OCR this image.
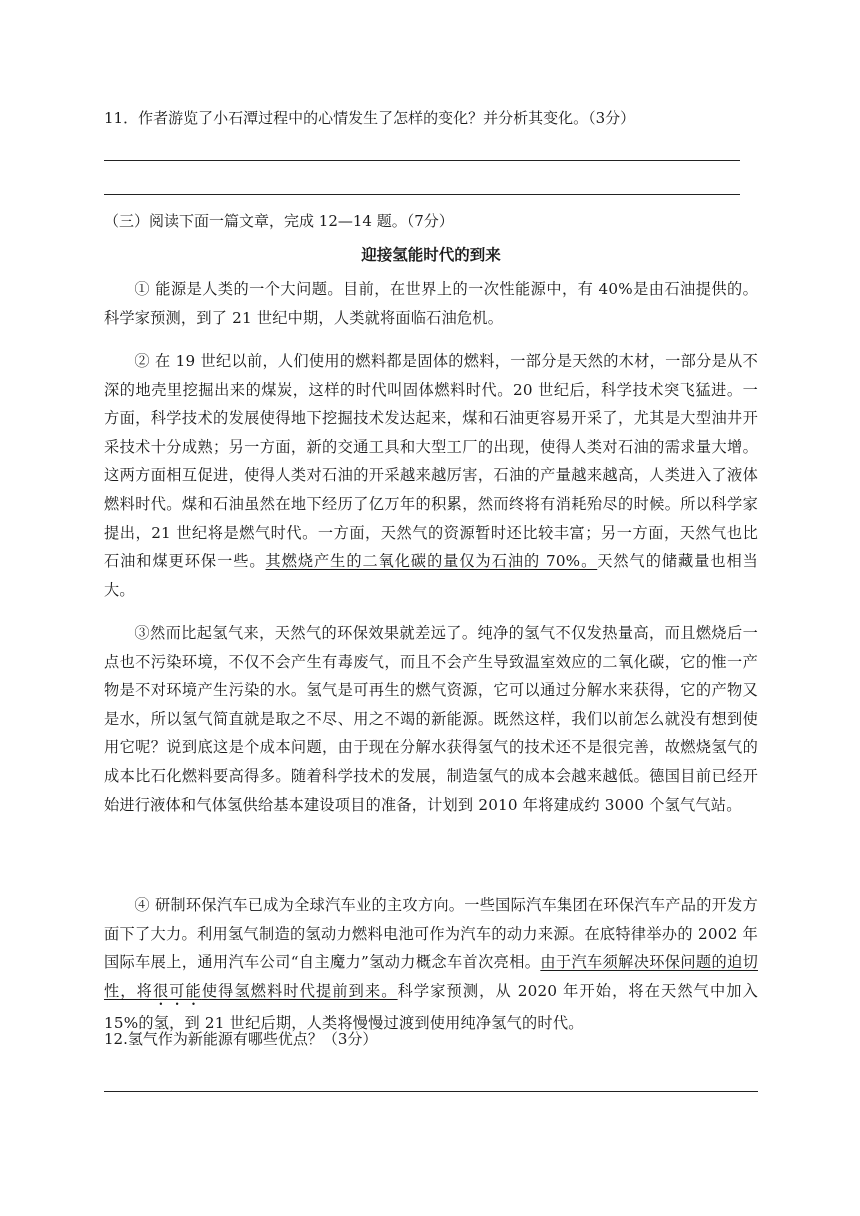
11．作者游览了小石潭过程中的心情发生了怎样的变化？并分析其变化。（3分）
（三）阅读下面一篇文章，完成 12—14 题。（7分）
迎接氢能时代的到来
① 能源是人类的一个大问题。目前，在世界上的一次性能源中，有 40%是由石油提供的。科学家预测，到了 21 世纪中期，人类就将面临石油危机。
② 在 19 世纪以前，人们使用的燃料都是固体的燃料，一部分是天然的木材，一部分是从不深的地壳里挖掘出来的煤炭，这样的时代叫固体燃料时代。20 世纪后，科学技术突飞猛进。一方面，科学技术的发展使得地下挖掘技术发达起来，煤和石油更容易开采了，尤其是大型油井开采技术十分成熟；另一方面，新的交通工具和大型工厂的出现，使得人类对石油的需求量大增。这两方面相互促进，使得人类对石油的开采越来越厉害，石油的产量越来越高，人类进入了液体燃料时代。煤和石油虽然在地下经历了亿万年的积累，然而终将有消耗殆尽的时候。所以科学家提出，21 世纪将是燃气时代。一方面，天然气的资源暂时还比较丰富；另一方面，天然气也比石油和煤更环保一些。其燃烧产生的二氧化碳的量仅为石油的 70%。天然气的储藏量也相当大。
③然而比起氢气来，天然气的环保效果就差远了。纯净的氢气不仅发热量高，而且燃烧后一点也不污染环境，不仅不会产生有毒废气，而且不会产生导致温室效应的二氧化碳，它的惟一产物是不对环境产生污染的水。氢气是可再生的燃气资源，它可以通过分解水来获得，它的产物又是水，所以氢气简直就是取之不尽、用之不竭的新能源。既然这样，我们以前怎么就没有想到使用它呢？说到底这是个成本问题，由于现在分解水获得氢气的技术还不是很完善，故燃烧氢气的成本比石化燃料要高得多。随着科学技术的发展，制造氢气的成本会越来越低。德国目前已经开始进行液体和气体氢供给基本建设项目的准备，计划到 2010 年将建成约 3000 个氢气气站。
④ 研制环保汽车已成为全球汽车业的主攻方向。一些国际汽车集团在环保汽车产品的开发方面下了大力。利用氢气制造的氢动力燃料电池可作为汽车的动力来源。在底特律举办的 2002 年国际车展上，通用汽车公司“自主魔力”氢动力概念车首次亮相。由于汽车须解决环保问题的迫切性，将很可能使得氢燃料时代提前到来。科学家预测，从 2020 年开始，将在天然气中加入 15%的氢，到 21 世纪后期，人类将慢慢过渡到使用纯净氢气的时代。
12.氢气作为新能源有哪些优点？（3分）
